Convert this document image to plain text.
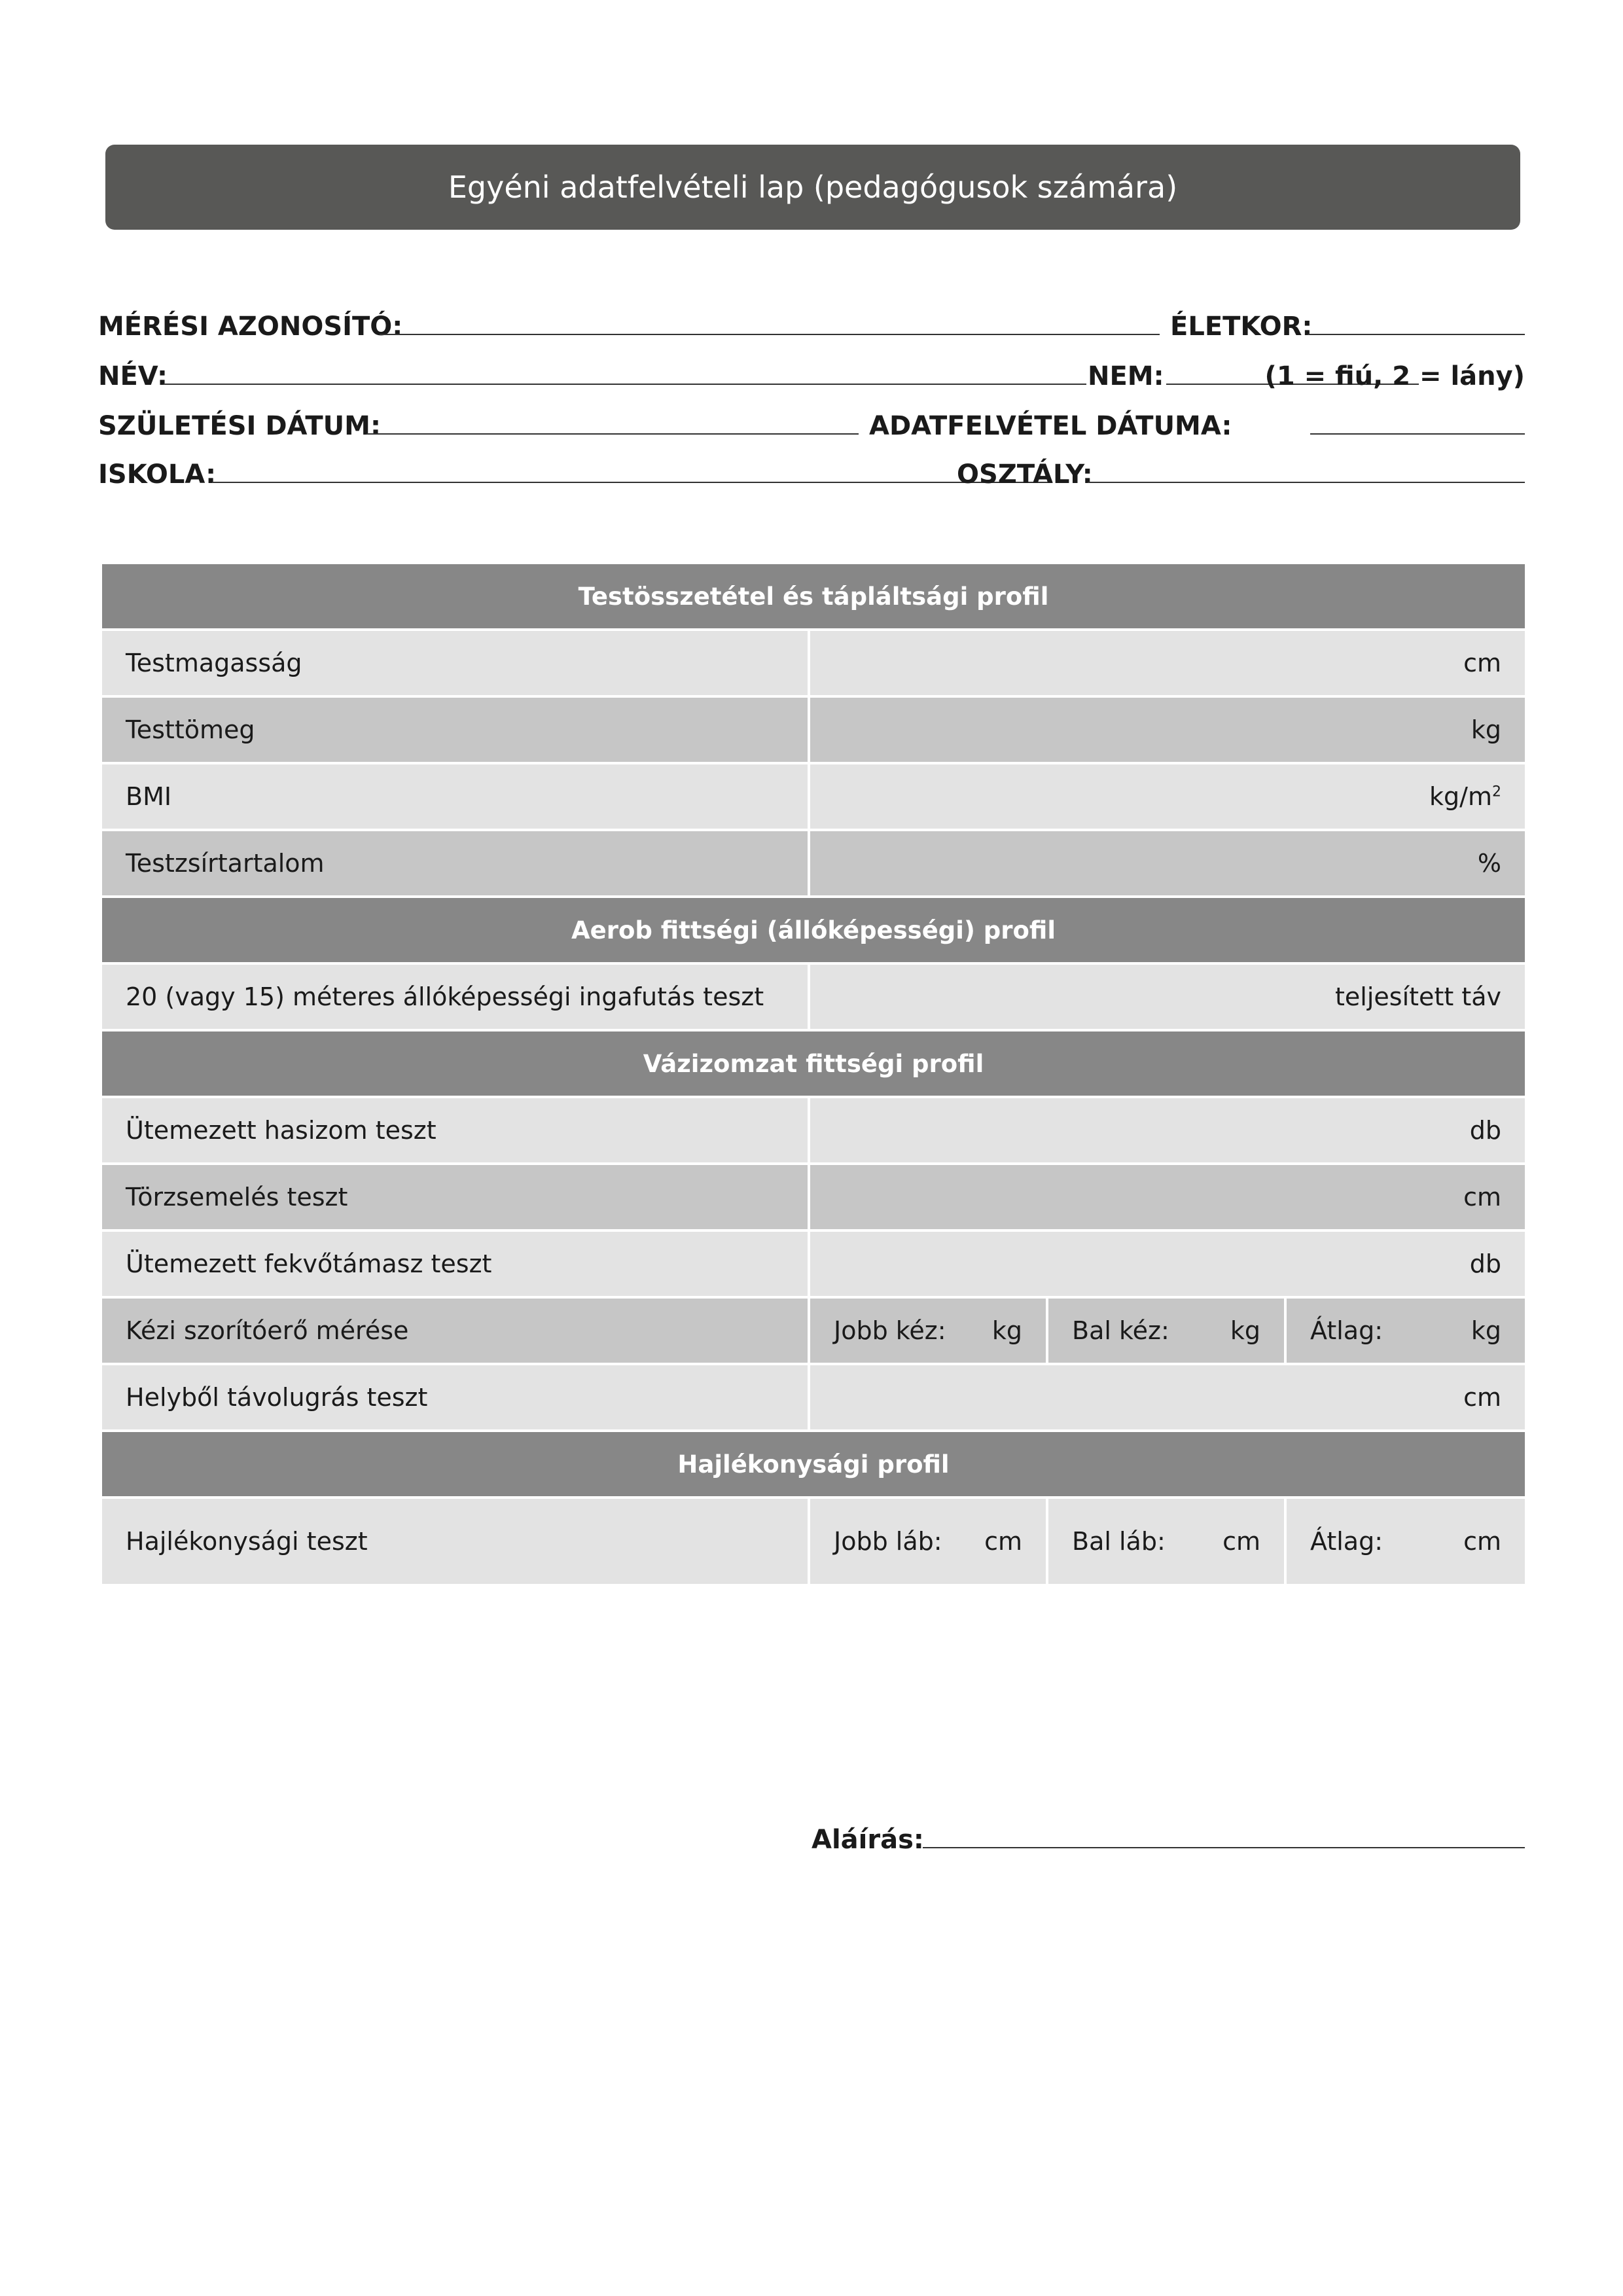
Egyéni adatfelvételi lap (pedagógusok számára)
MÉRÉSI AZONOSÍTÓ:	ÉLETKOR:
NÉV:	NEM:	(1 = fiú, 2 = lány)
SZÜLETÉSI DÁTUM:	ADATFELVÉTEL DÁTUMA:
ISKOLA:	OSZTÁLY:
Testösszetétel és tápláltsági profil			
Testmagasság	cm		
Testtömeg	kg		
BMI	$kg/m^2$
Testzsírtartalom	%		
Aerob fittségi (állóképességi) profil			
20 (vagy 15) méteres állóképességi ingafutás teszt	teljesített táv		
Vázizomzat fittségi profil			
Ütemezett hasizom teszt	db		
Törzsemelés teszt	cm		
Ütemezett fekvőtámasz teszt	db		
Kézi szorítóerő mérése	Jobb kéz: kg	Bal kéz: kg	Átlag: kg

Helyből távolugrás teszt	cm		
Hajlékonysági profil			
Hajlékonysági teszt	Jobb láb: cm	Bal láb: cm	Átlag: cm
Aláírás:
